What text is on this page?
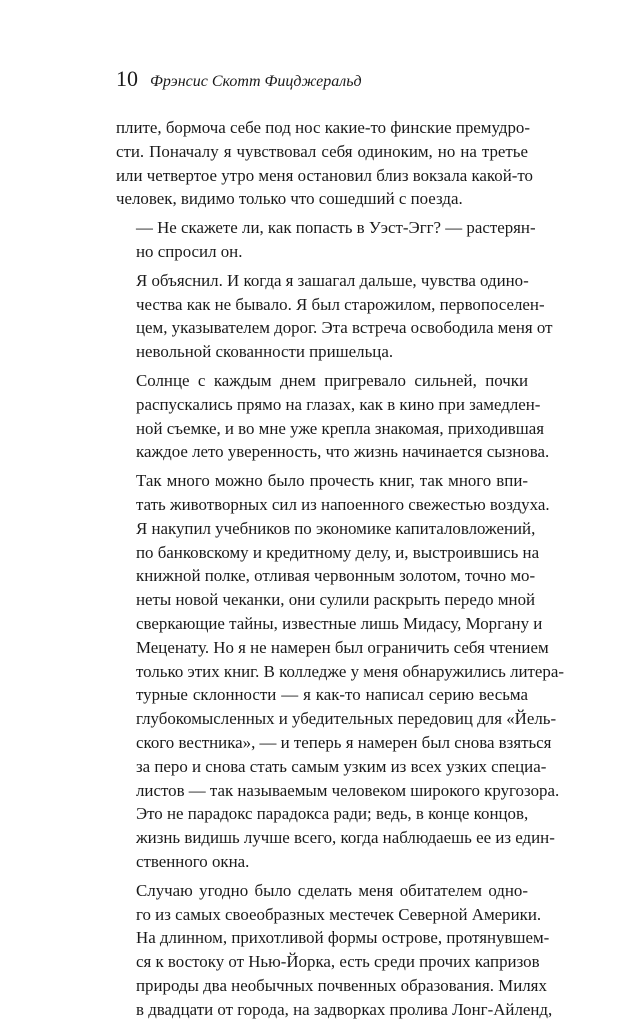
10 Фрэнсис Скотт Фицджеральд

плите, бормоча себе под нос какие-то финские премудро-
сти. Поначалу я чувствовал себя одиноким, но на третье
или четвертое утро меня остановил близ вокзала какой-то
человек, видимо только что сошедший с поезда.

— Не скажете ли, как попасть в Уэст-Эгг? — растерян-
но спросил он.

Я объяснил. И когда я зашагал дальше, чувства одино-
чества как не бывало. Я был старожилом, первопоселен-
цем, указывателем дорог. Эта встреча освободила меня от
невольной скованности пришельца.

Солнце с каждым днем пригревало сильней, почки
распускались прямо на глазах, как в кино при замедлен-
ной съемке, и во мне уже крепла знакомая, приходившая
каждое лето уверенность, что жизнь начинается сызнова.

Так много можно было прочесть книг, так много впи-
тать животворных сил из напоенного свежестью воздуха.
Я накупил учебников по экономике капиталовложений,
по банковскому и кредитному делу, и, выстроившись на
книжной полке, отливая червонным золотом, точно мо-
неты новой чеканки, они сулили раскрыть передо мной
сверкающие тайны, известные лишь Мидасу, Моргану и
Меценату. Но я не намерен был ограничить себя чтением
только этих книг. В колледже у меня обнаружились литера-
турные склонности — я как-то написал серию весьма
глубокомысленных и убедительных передовиц для «Йель-
ского вестника», — и теперь я намерен был снова взяться
за перо и снова стать самым узким из всех узких специа-
листов — так называемым человеком широкого кругозора.
Это не парадокс парадокса ради; ведь, в конце концов,
жизнь видишь лучше всего, когда наблюдаешь ее из един-
ственного окна.

Случаю угодно было сделать меня обитателем одно-
го из самых своеобразных местечек Северной Америки.
На длинном, прихотливой формы острове, протянувшем-
ся к востоку от Нью-Йорка, есть среди прочих капризов
природы два необычных почвенных образования. Милях
в двадцати от города, на задворках пролива Лонг-Айленд,
